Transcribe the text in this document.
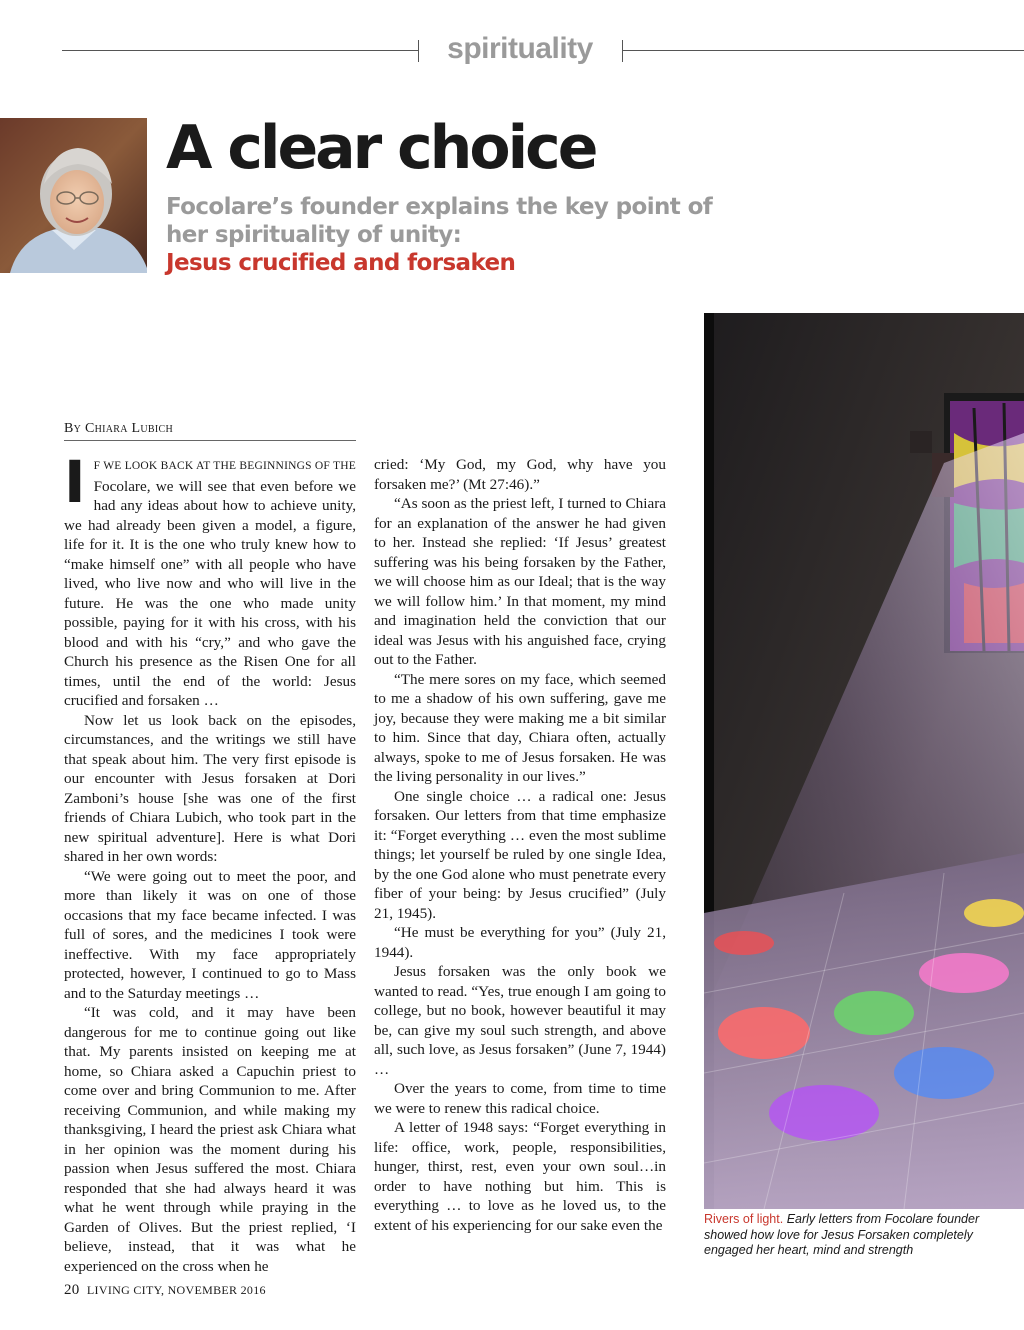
spirituality
A clear choice
Focolare’s founder explains the key point of her spirituality of unity:
Jesus crucified and forsaken
By Chiara Lubich

I F WE LOOK BACK AT THE BEGINNINGS OF THE Focolare, we will see that even before we had any ideas about how to achieve unity, we had already been given a model, a figure, life for it. It is the one who truly knew how to “make himself one” with all people who have lived, who live now and who will live in the future. He was the one who made unity possible, paying for it with his cross, with his blood and with his “cry,” and who gave the Church his presence as the Risen One for all times, until the end of the world: Jesus crucified and forsaken …

Now let us look back on the episodes, circumstances, and the writings we still have that speak about him. The very first episode is our encounter with Jesus forsaken at Dori Zamboni’s house [she was one of the first friends of Chiara Lubich, who took part in the new spiritual adventure]. Here is what Dori shared in her own words:

“We were going out to meet the poor, and more than likely it was on one of those occasions that my face became infected. I was full of sores, and the medicines I took were ineffective. With my face appropriately protected, however, I continued to go to Mass and to the Saturday meetings …

“It was cold, and it may have been dangerous for me to continue going out like that. My parents insisted on keeping me at home, so Chiara asked a Capuchin priest to come over and bring Communion to me. After receiving Communion, and while making my thanksgiving, I heard the priest ask Chiara what in her opinion was the moment during his passion when Jesus suffered the most. Chiara responded that she had always heard it was what he went through while praying in the Garden of Olives. But the priest replied, ‘I believe, instead, that it was what he experienced on the cross when he

cried: ‘My God, my God, why have you forsaken me?’ (Mt 27:46).”

“As soon as the priest left, I turned to Chiara for an explanation of the answer he had given to her. Instead she replied: ‘If Jesus’ greatest suffering was his being forsaken by the Father, we will choose him as our Ideal; that is the way we will follow him.’ In that moment, my mind and imagination held the conviction that our ideal was Jesus with his anguished face, crying out to the Father.

“The mere sores on my face, which seemed to me a shadow of his own suffering, gave me joy, because they were making me a bit similar to him. Since that day, Chiara often, actually always, spoke to me of Jesus forsaken. He was the living personality in our lives.”

One single choice … a radical one: Jesus forsaken. Our letters from that time emphasize it: “Forget everything … even the most sublime things; let yourself be ruled by one single Idea, by the one God alone who must penetrate every fiber of your being: by Jesus crucified” (July 21, 1945).

“He must be everything for you” (July 21, 1944).

Jesus forsaken was the only book we wanted to read. “Yes, true enough I am going to college, but no book, however beautiful it may be, can give my soul such strength, and above all, such love, as Jesus forsaken” (June 7, 1944) …

Over the years to come, from time to time we were to renew this radical choice.

A letter of 1948 says: “Forget everything in life: office, work, people, responsibilities, hunger, thirst, rest, even your own soul…in order to have nothing but him. This is everything … to love as he loved us, to the extent of his experiencing for our sake even the	Rivers of light. Early letters from Focolare founder showed how love for Jesus Forsaken completely engaged her heart, mind and strength
20 LIVING CITY, NOVEMBER 2016
